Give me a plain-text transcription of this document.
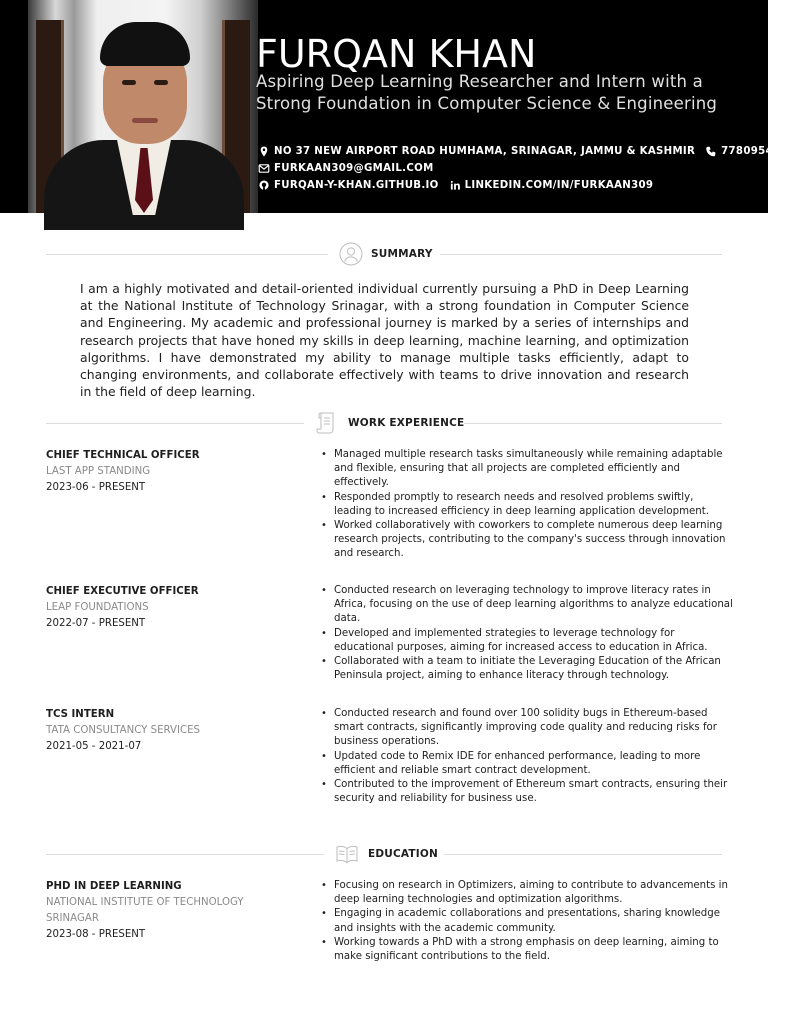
FURQAN KHAN
Aspiring Deep Learning Researcher and Intern with a Strong Foundation in Computer Science & Engineering
NO 37 NEW AIRPORT ROAD HUMHAMA, SRINAGAR, JAMMU & KASHMIR	7780954879
FURKAAN309@GMAIL.COM
FURQAN-Y-KHAN.GITHUB.IO	LINKEDIN.COM/IN/FURKAAN309
SUMMARY
I am a highly motivated and detail-oriented individual currently pursuing a PhD in Deep Learning at the National Institute of Technology Srinagar, with a strong foundation in Computer Science and Engineering. My academic and professional journey is marked by a series of internships and research projects that have honed my skills in deep learning, machine learning, and optimization algorithms. I have demonstrated my ability to manage multiple tasks efficiently, adapt to changing environments, and collaborate effectively with teams to drive innovation and research in the field of deep learning.
WORK EXPERIENCE
CHIEF TECHNICAL OFFICER
LAST APP STANDING
2023-06 - PRESENT
• Managed multiple research tasks simultaneously while remaining adaptable and flexible, ensuring that all projects are completed efficiently and effectively.
• Responded promptly to research needs and resolved problems swiftly, leading to increased efficiency in deep learning application development.
• Worked collaboratively with coworkers to complete numerous deep learning research projects, contributing to the company's success through innovation and research.
CHIEF EXECUTIVE OFFICER
LEAP FOUNDATIONS
2022-07 - PRESENT
• Conducted research on leveraging technology to improve literacy rates in Africa, focusing on the use of deep learning algorithms to analyze educational data.
• Developed and implemented strategies to leverage technology for educational purposes, aiming for increased access to education in Africa.
• Collaborated with a team to initiate the Leveraging Education of the African Peninsula project, aiming to enhance literacy through technology.
TCS INTERN
TATA CONSULTANCY SERVICES
2021-05 - 2021-07
• Conducted research and found over 100 solidity bugs in Ethereum-based smart contracts, significantly improving code quality and reducing risks for business operations.
• Updated code to Remix IDE for enhanced performance, leading to more efficient and reliable smart contract development.
• Contributed to the improvement of Ethereum smart contracts, ensuring their security and reliability for business use.
EDUCATION
PHD IN DEEP LEARNING
NATIONAL INSTITUTE OF TECHNOLOGY SRINAGAR
2023-08 - PRESENT
• Focusing on research in Optimizers, aiming to contribute to advancements in deep learning technologies and optimization algorithms.
• Engaging in academic collaborations and presentations, sharing knowledge and insights with the academic community.
• Working towards a PhD with a strong emphasis on deep learning, aiming to make significant contributions to the field.
